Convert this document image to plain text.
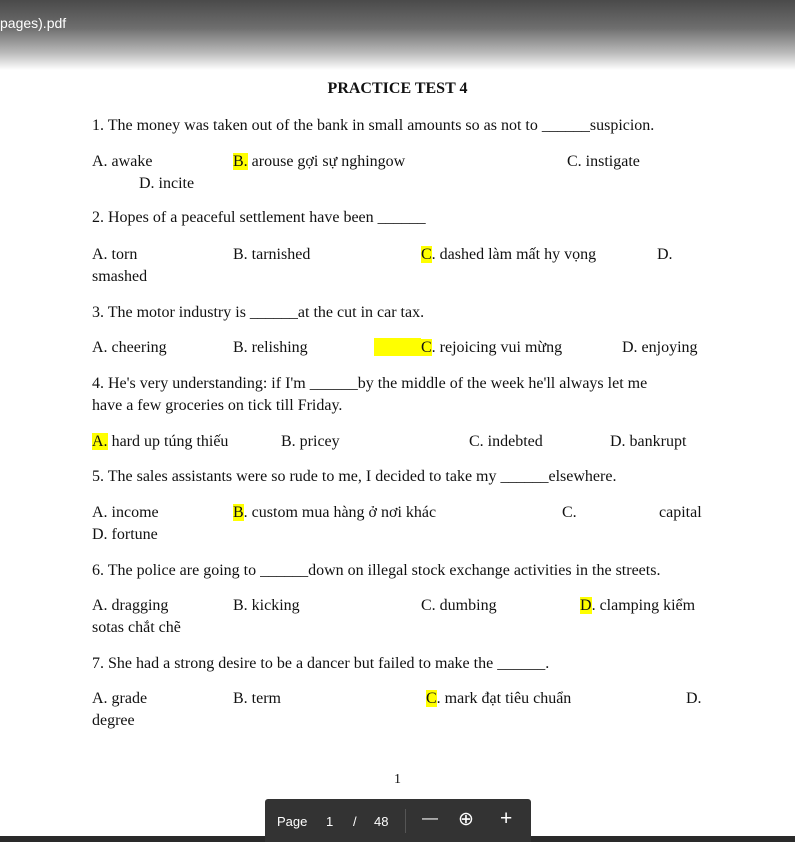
pages).pdf
PRACTICE TEST 4
1. The money was taken out of the bank in small amounts so as not to ______suspicion.
A. awake	B. arouse gợi sự nghingow	C. instigate
D. incite
2. Hopes of a peaceful settlement have been ______
A. torn	B. tarnished	C. dashed làm mất hy vọng	D.
smashed
3. The motor industry is ______at the cut in car tax.
A. cheering	B. relishing	C. rejoicing vui mừng	D. enjoying
4. He's very understanding: if I'm ______by the middle of the week he'll always let me
have a few groceries on tick till Friday.
A. hard up túng thiếu	B. pricey	C. indebted	D. bankrupt
5. The sales assistants were so rude to me, I decided to take my ______elsewhere.
A. income	B. custom mua hàng ở nơi khác	C.	capital
D. fortune
6. The police are going to ______down on illegal stock exchange activities in the streets.
A. dragging	B. kicking	C. dumbing	D. clamping kiểm
sotas chắt chẽ
7. She had a strong desire to be a dancer but failed to make the ______.
A. grade	B. term	C. mark đạt tiêu chuẩn	D.
degree
1
Page 1 / 48 — ⊕ +
